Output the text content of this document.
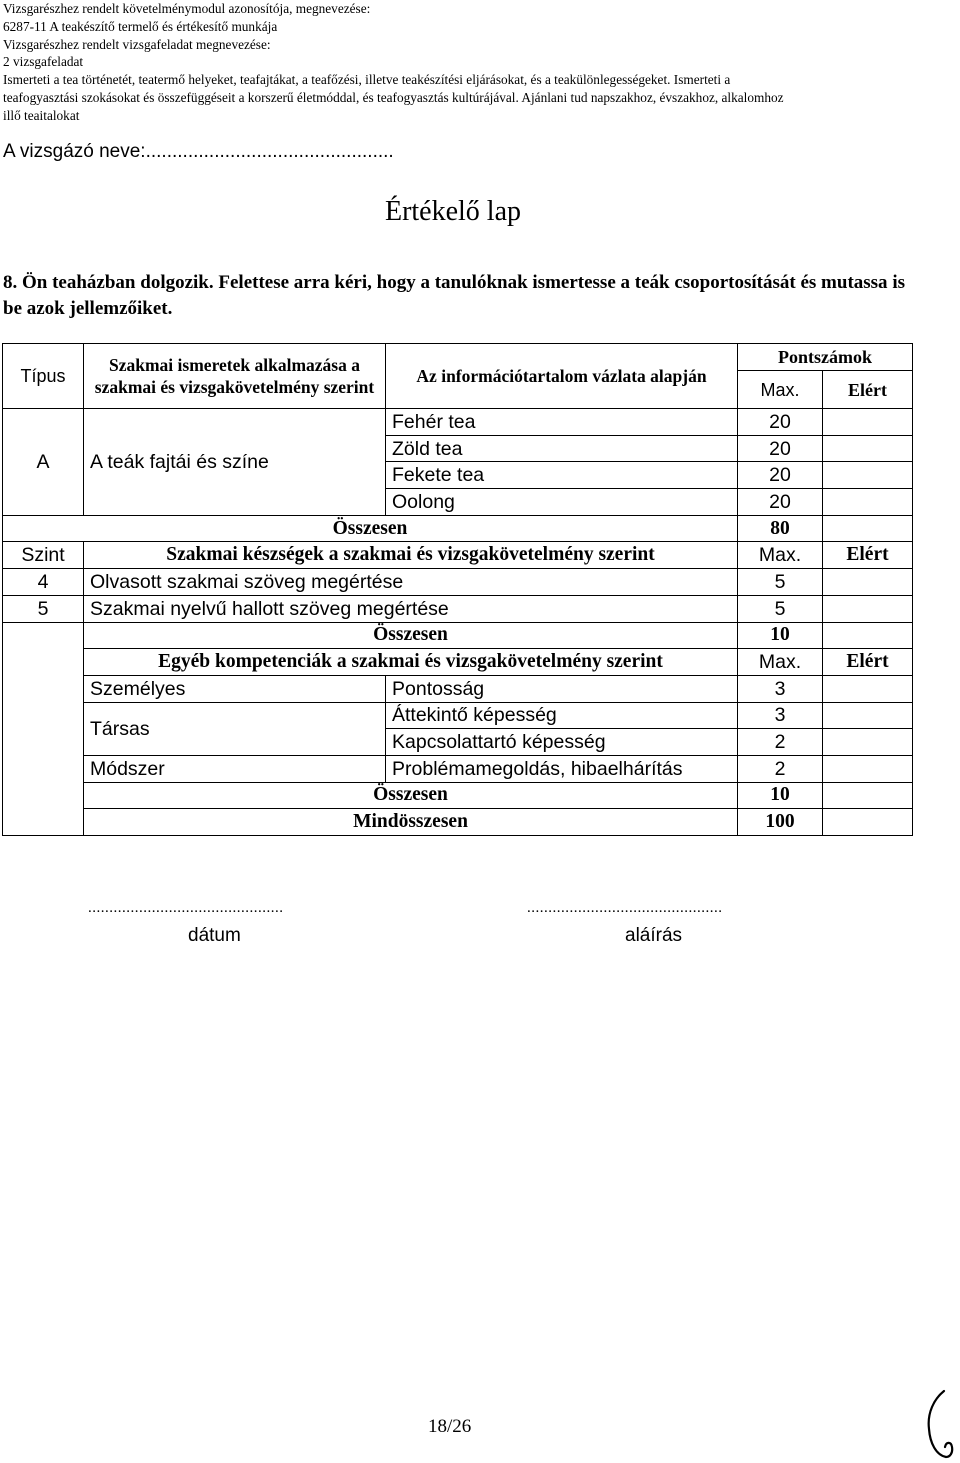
Vizsgarészhez rendelt követelménymodul azonosítója, megnevezése:
6287-11 A teakészítő termelő és értékesítő munkája
Vizsgarészhez rendelt vizsgafeladat megnevezése:
2 vizsgafeladat
Ismerteti a tea történetét, teatermő helyeket, teafajtákat, a teafőzési, illetve teakészítési eljárásokat, és a teakülönlegességeket. Ismerteti a
teafogyasztási szokásokat és összefüggéseit a korszerű életmóddal, és teafogyasztás kultúrájával. Ajánlani tud napszakhoz, évszakhoz, alkalomhoz
illő teaitalokat
A vizsgázó neve:...............................................
Értékelő lap
8. Ön teaházban dolgozik. Felettese arra kéri, hogy a tanulóknak ismertesse a teák csoportosítását és mutassa is be azok jellemzőiket.
Típus	Szakmai ismeretek alkalmazása a szakmai és vizsgakövetelmény szerint	Az információtartalom vázlata alapján	Pontszámok	
			Max.	Elért
A	A teák fajtái és színe	Fehér tea	20	
		Zöld tea	20	
		Fekete tea	20	
		Oolong	20	
Összesen			80	
Szint	Szakmai készségek a szakmai és vizsgakövetelmény szerint		Max.	Elért
4	Olvasott szakmai szöveg megértése		5	
5	Szakmai nyelvű hallott szöveg megértése		5	
	Összesen		10	
	Egyéb kompetenciák a szakmai és vizsgakövetelmény szerint		Max.	Elért
	Személyes	Pontosság	3	
	Társas	Áttekintő képesség	3	
		Kapcsolattartó képesség	2	
	Módszer	Problémamegoldás, hibaelhárítás	2	
	Összesen		10	
	Mindösszesen		100	
..............................................
dátum
..............................................
aláírás
18/26
